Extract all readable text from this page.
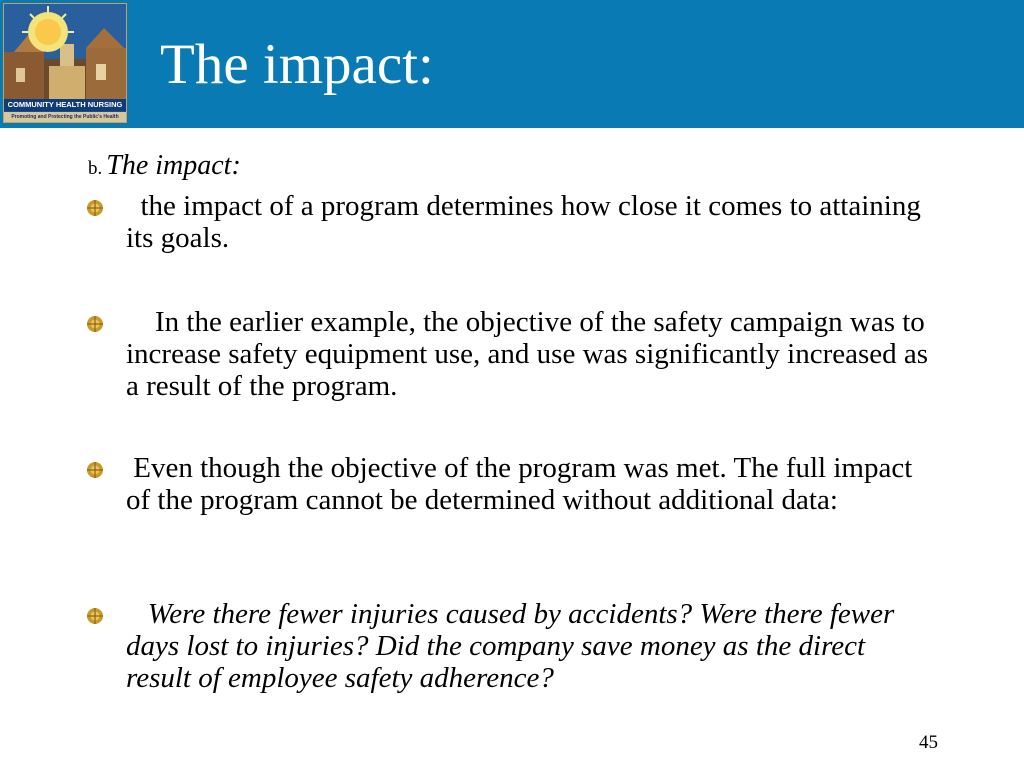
COMMUNITY HEALTH NURSING
Promoting and Protecting the Public's Health
The impact:
b. The impact:
the impact of a program determines how close it comes to attaining its goals.
In the earlier example, the objective of the safety campaign was to increase safety equipment use, and use was significantly increased as a result of the program.
Even though the objective of the program was met. The full impact of the program cannot be determined without additional data:
Were there fewer injuries caused by accidents? Were there fewer days lost to injuries? Did the company save money as the direct result of employee safety adherence?
45
